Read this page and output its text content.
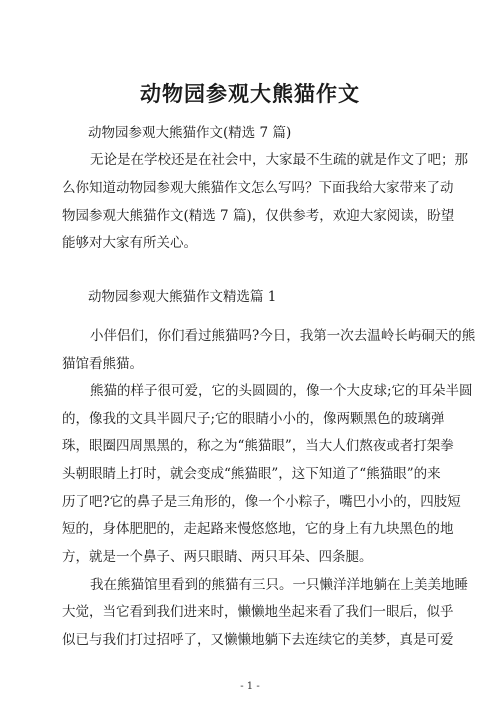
动物园参观大熊猫作文
动物园参观大熊猫作文(精选 7 篇)
无论是在学校还是在社会中，大家最不生疏的就是作文了吧；那
么你知道动物园参观大熊猫作文怎么写吗？下面我给大家带来了动
物园参观大熊猫作文(精选 7 篇)，仅供参考，欢迎大家阅读，盼望
能够对大家有所关心。
动物园参观大熊猫作文精选篇 1
小伴侣们，你们看过熊猫吗?今日，我第一次去温岭长屿硐天的熊
猫馆看熊猫。
熊猫的样子很可爱，它的头圆圆的，像一个大皮球;它的耳朵半圆
的，像我的文具半圆尺子;它的眼睛小小的，像两颗黑色的玻璃弹
珠，眼圈四周黑黑的，称之为“熊猫眼”，当大人们熬夜或者打架拳
头朝眼睛上打时，就会变成“熊猫眼”，这下知道了“熊猫眼”的来
历了吧?它的鼻子是三角形的，像一个小粽子，嘴巴小小的，四肢短
短的，身体肥肥的，走起路来慢悠悠地，它的身上有九块黑色的地
方，就是一个鼻子、两只眼睛、两只耳朵、四条腿。
我在熊猫馆里看到的熊猫有三只。一只懒洋洋地躺在上美美地睡
大觉，当它看到我们进来时，懒懒地坐起来看了我们一眼后，似乎
似已与我们打过招呼了，又懒懒地躺下去连续它的美梦，真是可爱
- 1 -
